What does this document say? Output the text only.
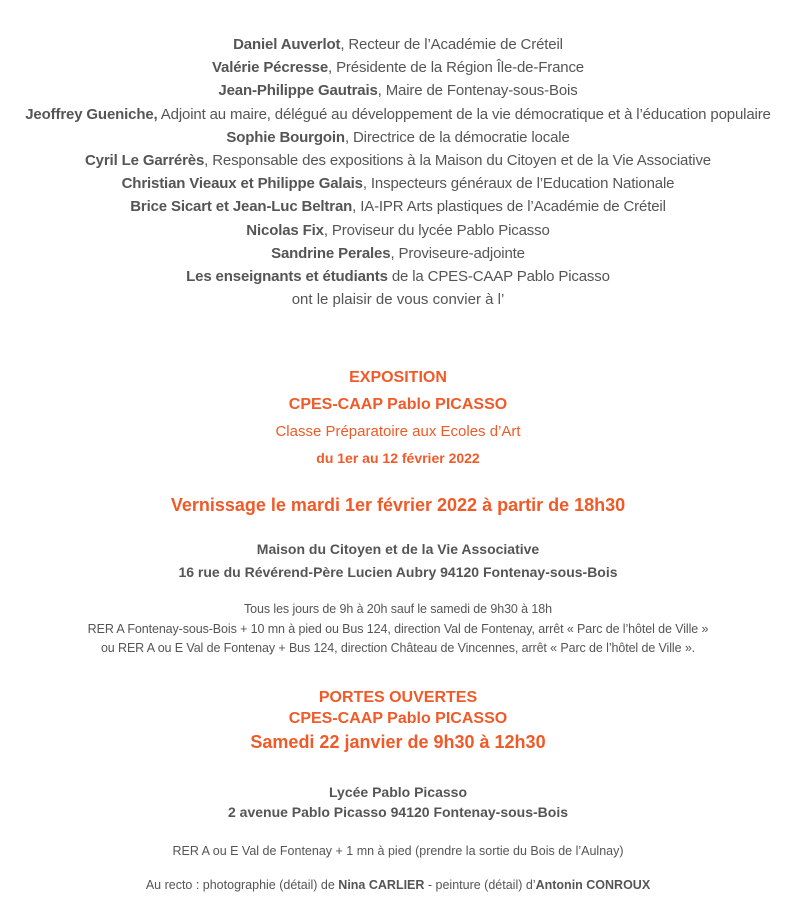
Daniel Auverlot, Recteur de l’Académie de Créteil
Valérie Pécresse, Présidente de la Région Île-de-France
Jean-Philippe Gautrais, Maire de Fontenay-sous-Bois
Jeoffrey Gueniche, Adjoint au maire, délégué au développement de la vie démocratique et à l’éducation populaire
Sophie Bourgoin, Directrice de la démocratie locale
Cyril Le Garrérès, Responsable des expositions à la Maison du Citoyen et de la Vie Associative
Christian Vieaux et Philippe Galais, Inspecteurs généraux de l’Education Nationale
Brice Sicart et Jean-Luc Beltran, IA-IPR Arts plastiques de l’Académie de Créteil
Nicolas Fix, Proviseur du lycée Pablo Picasso
Sandrine Perales, Proviseure-adjointe
Les enseignants et étudiants de la CPES-CAAP Pablo Picasso
ont le plaisir de vous convier à l’
EXPOSITION
CPES-CAAP Pablo PICASSO
Classe Préparatoire aux Ecoles d’Art
du 1er au 12 février 2022
Vernissage le mardi 1er février 2022 à partir de 18h30
Maison du Citoyen et de la Vie Associative
16 rue du Révérend-Père Lucien Aubry 94120 Fontenay-sous-Bois
Tous les jours de 9h à 20h sauf le samedi de 9h30 à 18h
RER A Fontenay-sous-Bois + 10 mn à pied ou Bus 124, direction Val de Fontenay, arrêt « Parc de l’hôtel de Ville »
ou RER A ou E Val de Fontenay + Bus 124, direction Château de Vincennes, arrêt « Parc de l’hôtel de Ville ».
PORTES OUVERTES
CPES-CAAP Pablo PICASSO
Samedi 22 janvier de 9h30 à 12h30
Lycée Pablo Picasso
2 avenue Pablo Picasso 94120 Fontenay-sous-Bois
RER A ou E Val de Fontenay + 1 mn à pied (prendre la sortie du Bois de l’Aulnay)
Au recto : photographie (détail) de Nina CARLIER - peinture (détail) d’Antonin CONROUX
